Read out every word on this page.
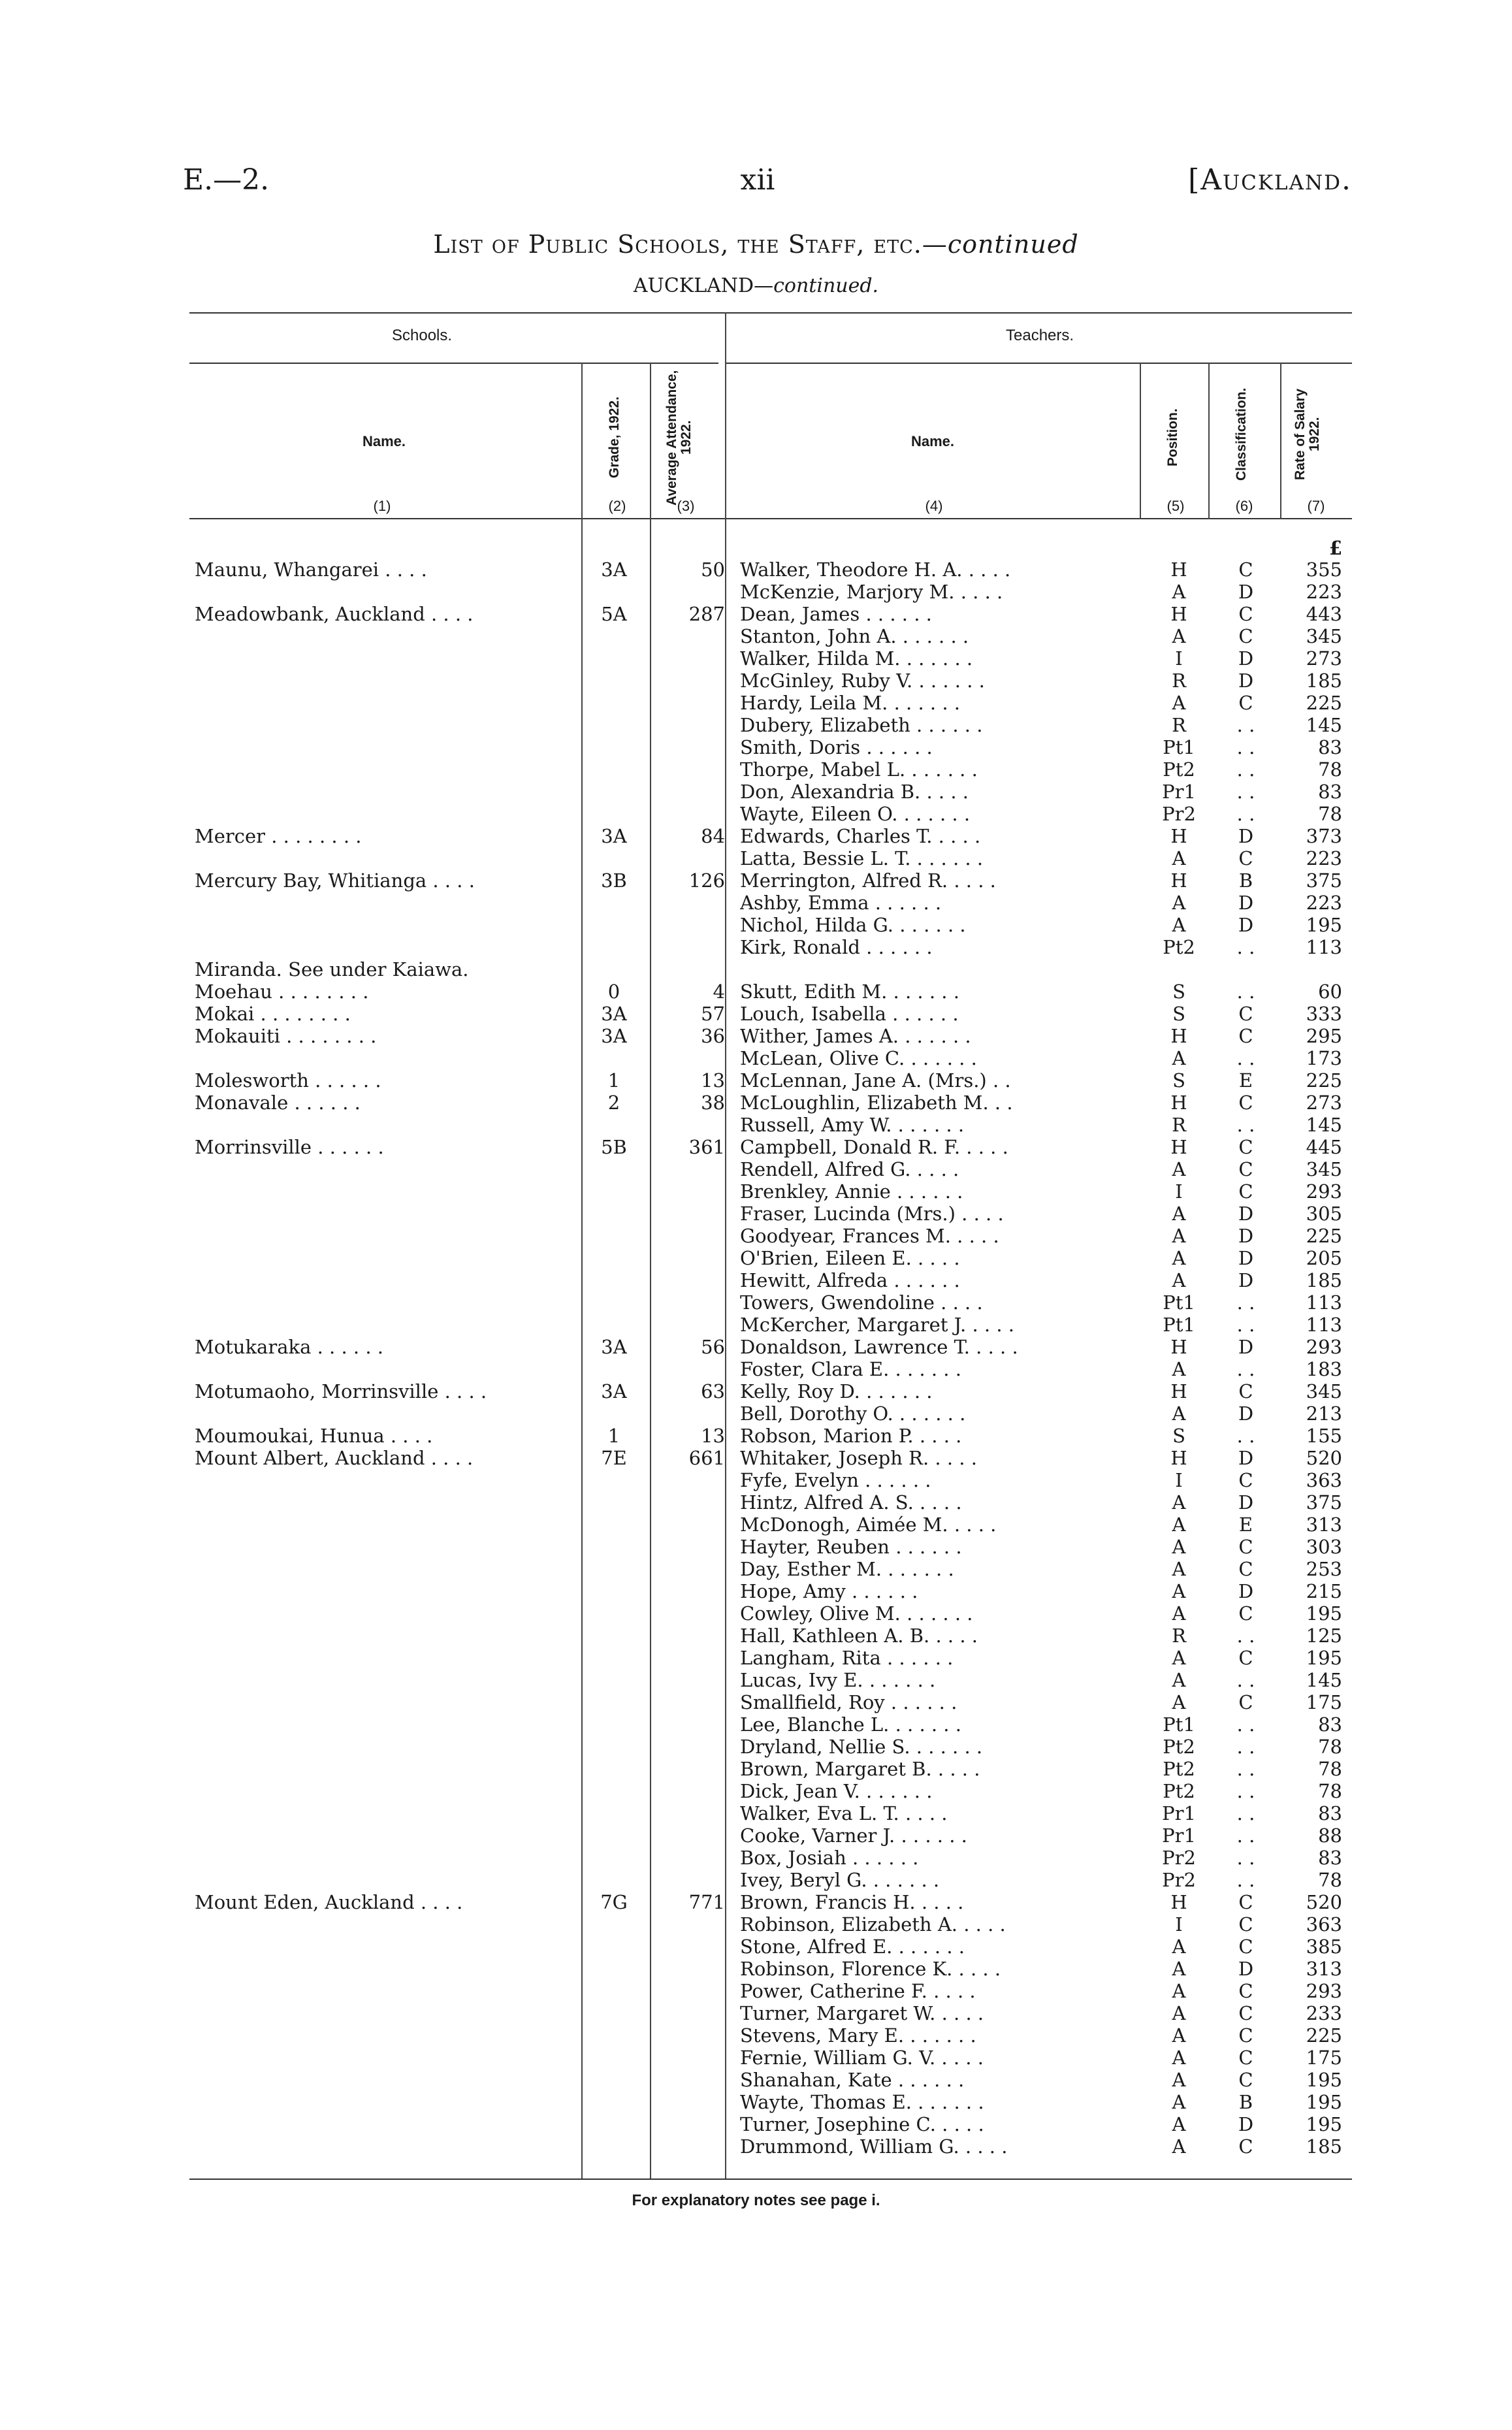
E.—2.	xii	[Auckland.
List of Public Schools, the Staff, etc.—continued
AUCKLAND—continued.
Schools.	Teachers.
Name.	Grade, 1922.	Average Attendance, 1922.	Name.	Position.	Classification.	Rate of Salary 1922.
(1)	(2)	(3)	(4)	(5)	(6)	(7)
£
Maunu, Whangarei . . . .	3A	50 Walker, Theodore H. A. . . . .	H	C	355
McKenzie, Marjory M. . . . .	A	D	223
Meadowbank, Auckland . . . .	5A	287 Dean, James . . . . . .	H	C	443
Stanton, John A. . . . . . .	A	C	345
Walker, Hilda M. . . . . . .	I	D	273
McGinley, Ruby V. . . . . . .	R	D	185
Hardy, Leila M. . . . . . .	A	C	225
Dubery, Elizabeth . . . . . .	R	. .	145
Smith, Doris . . . . . .	Pt1	. .	83
Thorpe, Mabel L. . . . . . .	Pt2	. .	78
Don, Alexandria B. . . . .	Pr1	. .	83
Wayte, Eileen O. . . . . . .	Pr2	. .	78
Mercer . . . . . . . .	3A	84 Edwards, Charles T. . . . .	H	D	373
Latta, Bessie L. T. . . . . . .	A	C	223
Mercury Bay, Whitianga . . . .	3B	126 Merrington, Alfred R. . . . .	H	B	375
Ashby, Emma . . . . . .	A	D	223
Nichol, Hilda G. . . . . . .	A	D	195
Kirk, Ronald . . . . . .	Pt2	. .	113
Miranda. See under Kaiawa.
Moehau . . . . . . . .	0	4 Skutt, Edith M. . . . . . .	S	. .	60
Mokai . . . . . . . .	3A	57 Louch, Isabella . . . . . .	S	C	333
Mokauiti . . . . . . . .	3A	36 Wither, James A. . . . . . .	H	C	295
McLean, Olive C. . . . . . .	A	. .	173
Molesworth . . . . . .	1	13 McLennan, Jane A. (Mrs.) . .	S	E	225
Monavale . . . . . .	2	38 McLoughlin, Elizabeth M. . .	H	C	273
Russell, Amy W. . . . . . .	R	. .	145
Morrinsville . . . . . .	5B	361 Campbell, Donald R. F. . . . .	H	C	445
Rendell, Alfred G. . . . .	A	C	345
Brenkley, Annie . . . . . .	I	C	293
Fraser, Lucinda (Mrs.) . . . .	A	D	305
Goodyear, Frances M. . . . .	A	D	225
O'Brien, Eileen E. . . . .	A	D	205
Hewitt, Alfreda . . . . . .	A	D	185
Towers, Gwendoline . . . .	Pt1	. .	113
McKercher, Margaret J. . . . .	Pt1	. .	113
Motukaraka . . . . . .	3A	56 Donaldson, Lawrence T. . . . .	H	D	293
Foster, Clara E. . . . . . .	A	. .	183
Motumaoho, Morrinsville . . . .	3A	63 Kelly, Roy D. . . . . . .	H	C	345
Bell, Dorothy O. . . . . . .	A	D	213
Moumoukai, Hunua . . . .	1	13 Robson, Marion P. . . . .	S	. .	155
Mount Albert, Auckland . . . .	7E	661 Whitaker, Joseph R. . . . .	H	D	520
Fyfe, Evelyn . . . . . .	I	C	363
Hintz, Alfred A. S. . . . .	A	D	375
McDonogh, Aimée M. . . . .	A	E	313
Hayter, Reuben . . . . . .	A	C	303
Day, Esther M. . . . . . .	A	C	253
Hope, Amy . . . . . .	A	D	215
Cowley, Olive M. . . . . . .	A	C	195
Hall, Kathleen A. B. . . . .	R	. .	125
Langham, Rita . . . . . .	A	C	195
Lucas, Ivy E. . . . . . .	A	. .	145
Smallfield, Roy . . . . . .	A	C	175
Lee, Blanche L. . . . . . .	Pt1	. .	83
Dryland, Nellie S. . . . . . .	Pt2	. .	78
Brown, Margaret B. . . . .	Pt2	. .	78
Dick, Jean V. . . . . . .	Pt2	. .	78
Walker, Eva L. T. . . . .	Pr1	. .	83
Cooke, Varner J. . . . . . .	Pr1	. .	88
Box, Josiah . . . . . .	Pr2	. .	83
Ivey, Beryl G. . . . . . .	Pr2	. .	78
Mount Eden, Auckland . . . .	7G	771 Brown, Francis H. . . . .	H	C	520
Robinson, Elizabeth A. . . . .	I	C	363
Stone, Alfred E. . . . . . .	A	C	385
Robinson, Florence K. . . . .	A	D	313
Power, Catherine F. . . . .	A	C	293
Turner, Margaret W. . . . .	A	C	233
Stevens, Mary E. . . . . . .	A	C	225
Fernie, William G. V. . . . .	A	C	175
Shanahan, Kate . . . . . .	A	C	195
Wayte, Thomas E. . . . . . .	A	B	195
Turner, Josephine C. . . . .	A	D	195
Drummond, William G. . . . .	A	C	185
For explanatory notes see page i.
